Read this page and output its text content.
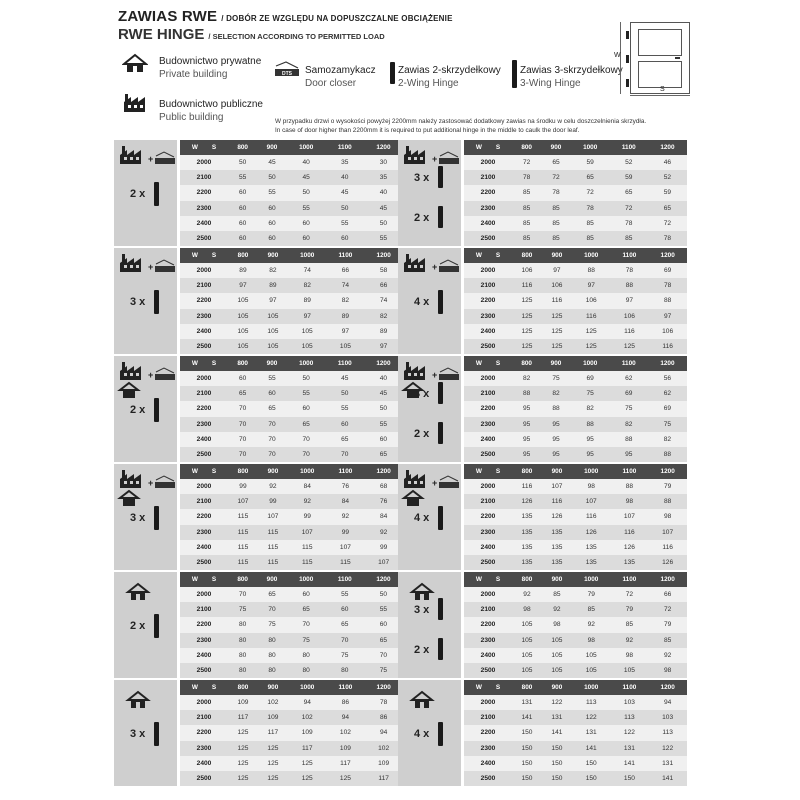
ZAWIAS RWE / DOBÓR ZE WZGLĘDU NA DOPUSZCZALNE OBCIĄŻENIE
RWE HINGE / SELECTION ACCORDING TO PERMITTED LOAD
Budownictwo prywatne
Private building
Budownictwo publiczne
Public building
DTS Samozamykacz
Door closer
Zawias 2-skrzydełkowy
2-Wing Hinge
Zawias 3-skrzydełkowy
3-Wing Hinge
W
S
W przypadku drzwi o wysokości powyżej 2200mm należy zastosować dodatkowy zawias na środku w celu doszczelnienia skrzydła.
In case of door higher than 2200mm it is required to put additional hinge in the middle to caulk the door leaf.
+
2 x
W S	800	900	1000	1100	1200
2000	50	45	40	35	30
2100	55	50	45	40	35
2200	60	55	50	45	40
2300	60	60	55	50	45
2400	60	60	60	55	50
2500	60	60	60	60	55
+
3 x
2 x
W S	800	900	1000	1100	1200
2000	72	65	59	52	46
2100	78	72	65	59	52
2200	85	78	72	65	59
2300	85	85	78	72	65
2400	85	85	85	78	72
2500	85	85	85	85	78
+
3 x
W S	800	900	1000	1100	1200
2000	89	82	74	66	58
2100	97	89	82	74	66
2200	105	97	89	82	74
2300	105	105	97	89	82
2400	105	105	105	97	89
2500	105	105	105	105	97
+
4 x
W S	800	900	1000	1100	1200
2000	106	97	88	78	69
2100	116	106	97	88	78
2200	125	116	106	97	88
2300	125	125	116	106	97
2400	125	125	125	116	106
2500	125	125	125	125	116
+
2 x
W S	800	900	1000	1100	1200
2000	60	55	50	45	40
2100	65	60	55	50	45
2200	70	65	60	55	50
2300	70	70	65	60	55
2400	70	70	70	65	60
2500	70	70	70	70	65
+
3 x
2 x
W S	800	900	1000	1100	1200
2000	82	75	69	62	56
2100	88	82	75	69	62
2200	95	88	82	75	69
2300	95	95	88	82	75
2400	95	95	95	88	82
2500	95	95	95	95	88
+
3 x
W S	800	900	1000	1100	1200
2000	99	92	84	76	68
2100	107	99	92	84	76
2200	115	107	99	92	84
2300	115	115	107	99	92
2400	115	115	115	107	99
2500	115	115	115	115	107
+
4 x
W S	800	900	1000	1100	1200
2000	116	107	98	88	79
2100	126	116	107	98	88
2200	135	126	116	107	98
2300	135	135	126	116	107
2400	135	135	135	126	116
2500	135	135	135	135	126
2 x
W S	800	900	1000	1100	1200
2000	70	65	60	55	50
2100	75	70	65	60	55
2200	80	75	70	65	60
2300	80	80	75	70	65
2400	80	80	80	75	70
2500	80	80	80	80	75
3 x
2 x
W S	800	900	1000	1100	1200
2000	92	85	79	72	66
2100	98	92	85	79	72
2200	105	98	92	85	79
2300	105	105	98	92	85
2400	105	105	105	98	92
2500	105	105	105	105	98
3 x
W S	800	900	1000	1100	1200
2000	109	102	94	86	78
2100	117	109	102	94	86
2200	125	117	109	102	94
2300	125	125	117	109	102
2400	125	125	125	117	109
2500	125	125	125	125	117
4 x
W S	800	900	1000	1100	1200
2000	131	122	113	103	94
2100	141	131	122	113	103
2200	150	141	131	122	113
2300	150	150	141	131	122
2400	150	150	150	141	131
2500	150	150	150	150	141
